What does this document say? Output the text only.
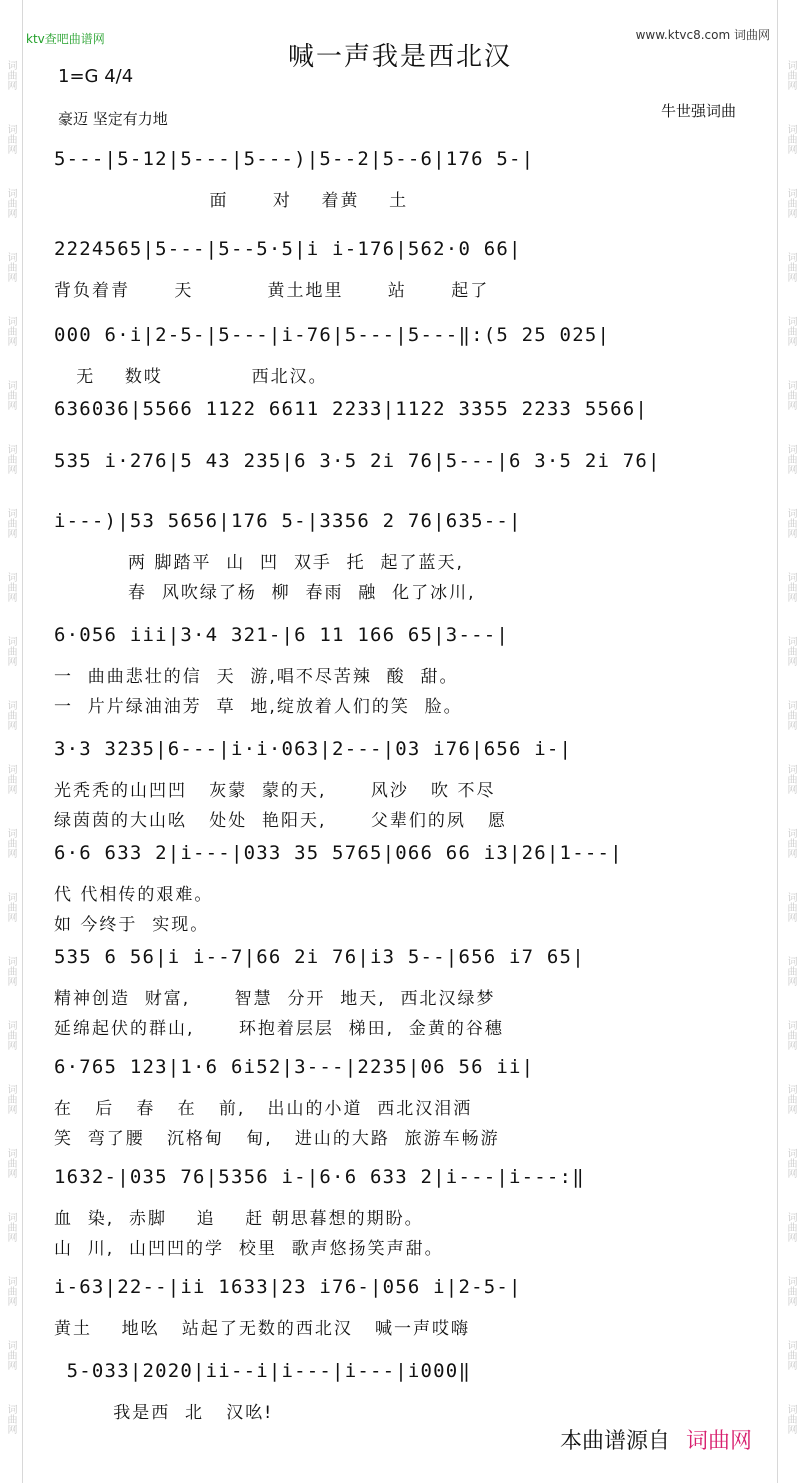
词曲网
词曲网
词曲网
词曲网
词曲网
词曲网
词曲网
词曲网
词曲网
词曲网
词曲网
词曲网
词曲网
词曲网
词曲网
词曲网
词曲网
词曲网
词曲网
词曲网
词曲网
词曲网
词曲网
词曲网
词曲网
词曲网
词曲网
词曲网
词曲网
词曲网
词曲网
词曲网
词曲网
词曲网
词曲网
词曲网
词曲网
词曲网
词曲网
词曲网
词曲网
词曲网
词曲网
词曲网
ktv查吧曲谱网	www.ktvc8.com 词曲网
喊一声我是西北汉
1=G 4/4
豪迈 坚定有力地	牛世强词曲
5---|5-12|5---|5---)|5--2|5--6|176 5-|
面      对    着黄    土
2224565|5---|5--5·5|i i-176|562·0 66|
背负着青      天          黄土地里      站      起了
000 6·i|2-5-|5---|i-76|5---|5---‖:(5 25 025|
无    数哎            西北汉。
636036|5566 1122 6611 2233|1122 3355 2233 5566|
535 i·276|5 43 235|6 3·5 2i 76|5---|6 3·5 2i 76|
i---)|53 5656|176 5-|3356 2 76|635--|
两 脚踏平  山  凹  双手  托  起了蓝天,
春  风吹绿了杨  柳  春雨  融  化了冰川,
6·056 iii|3·4 321-|6 11 166 65|3---|
一  曲曲悲壮的信  天  游,唱不尽苦辣  酸  甜。
一  片片绿油油芳  草  地,绽放着人们的笑  脸。
3·3 3235|6---|i·i·063|2---|03 i76|656 i-|
光秃秃的山凹凹   灰蒙  蒙的天,      风沙   吹 不尽
绿茵茵的大山吆   处处  艳阳天,      父辈们的夙   愿
6·6 633 2|i---|033 35 5765|066 66 i3|26|1---|
代 代相传的艰难。
如 今终于  实现。
535 6 56|i i--7|66 2i 76|i3 5--|656 i7 65|
精神创造  财富,      智慧  分开  地天,  西北汉绿梦
延绵起伏的群山,      环抱着层层  梯田,  金黄的谷穗
6·765 123|1·6 6i52|3---|2235|06 56 ii|
在   后   春   在   前,   出山的小道  西北汉泪洒
笑  弯了腰   沉格甸   甸,   进山的大路  旅游车畅游
1632-|035 76|5356 i-|6·6 633 2|i---|i---:‖
血  染,  赤脚    追    赶 朝思暮想的期盼。
山  川,  山凹凹的学  校里  歌声悠扬笑声甜。
i-63|22--|ii 1633|23 i76-|056 i|2-5-|
黄土    地吆   站起了无数的西北汉   喊一声哎嗨
5-033|2020|ii--i|i---|i---|i000‖
我是西  北   汉吆!
本曲谱源自 词曲网
